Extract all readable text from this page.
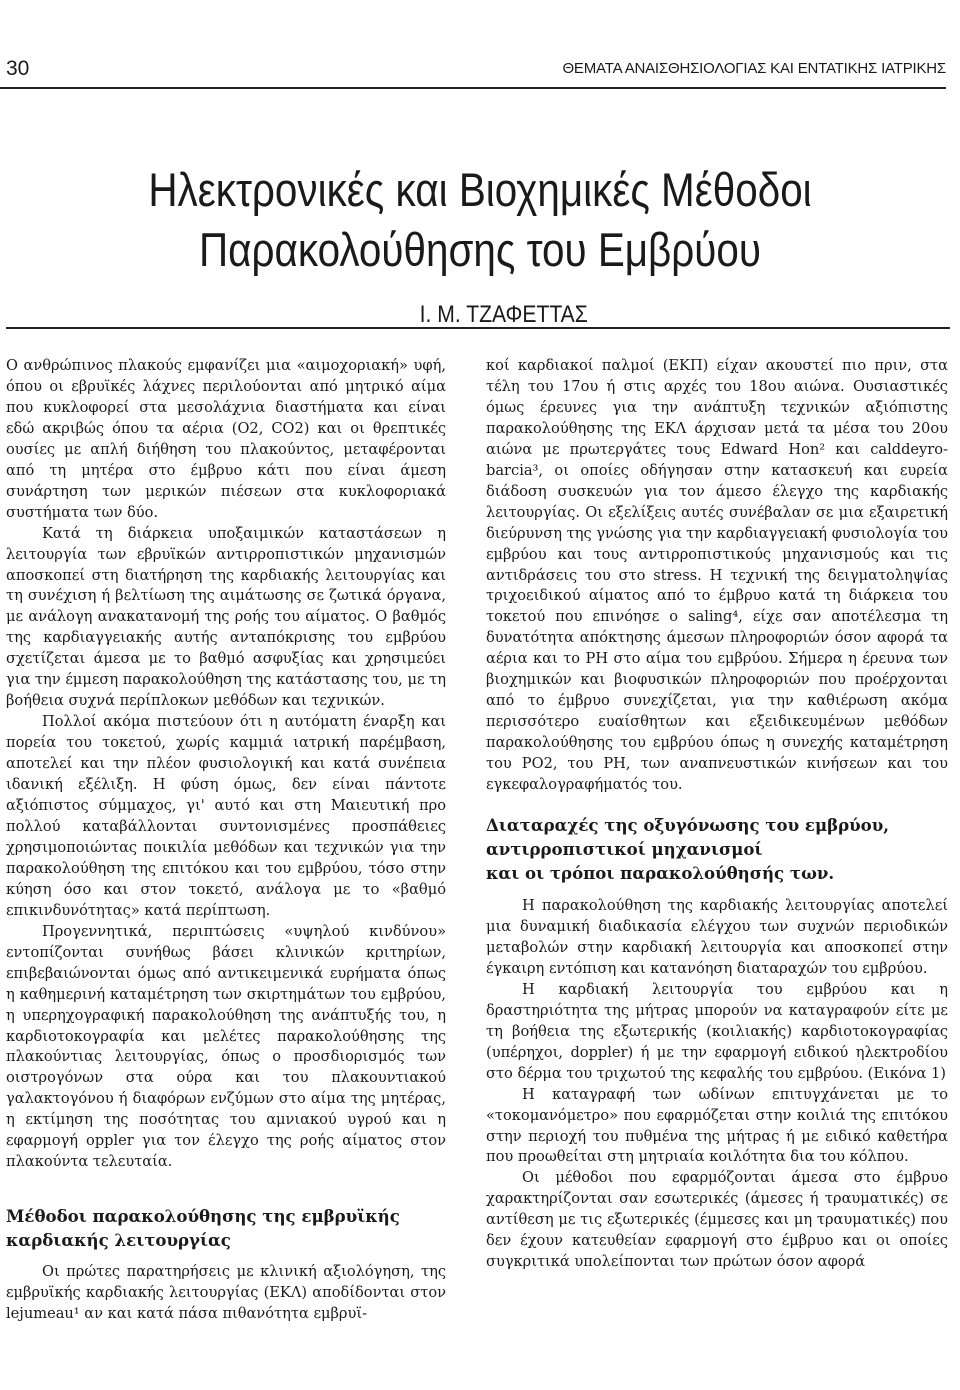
30	ΘΕΜΑΤΑ ΑΝΑΙΣΘΗΣΙΟΛΟΓΙΑΣ ΚΑΙ ΕΝΤΑΤΙΚΗΣ ΙΑΤΡΙΚΗΣ
Ηλεκτρονικές και Βιοχημικές Μέθοδοι
Παρακολούθησης του Εμβρύου
Ι. Μ. ΤΖΑΦΕΤΤΑΣ

Ο ανθρώπινος πλακούς εμφανίζει μια «αιμοχοριακή» υφή, όπου οι εβρυϊκές λάχνες περιλούονται από μητρικό αίμα που κυκλοφορεί στα μεσολάχνια διαστήματα και είναι εδώ ακριβώς όπου τα αέρια (O2, CO2) και οι θρεπτικές ουσίες με απλή διήθηση του πλακούντος, μεταφέρονται από τη μητέρα στο έμβρυο κάτι που είναι άμεση συνάρτηση των μερικών πιέσεων στα κυκλοφοριακά συστήματα των δύο.

Κατά τη διάρκεια υποξαιμικών καταστάσεων η λειτουργία των εβρυϊκών αντιρροπιστικών μηχανισμών αποσκοπεί στη διατήρηση της καρδιακής λειτουργίας και τη συνέχιση ή βελτίωση της αιμάτωσης σε ζωτικά όργανα, με ανάλογη ανακατανομή της ροής του αίματος. Ο βαθμός της καρδιαγγειακής αυτής ανταπόκρισης του εμβρύου σχετίζεται άμεσα με το βαθμό ασφυξίας και χρησιμεύει για την έμμεση παρακολούθηση της κατάστασης του, με τη βοήθεια συχνά περίπλοκων μεθόδων και τεχνικών.

Πολλοί ακόμα πιστεύουν ότι η αυτόματη έναρξη και πορεία του τοκετού, χωρίς καμμιά ιατρική παρέμβαση, αποτελεί και την πλέον φυσιολογική και κατά συνέπεια ιδανική εξέλιξη. Η φύση όμως, δεν είναι πάντοτε αξιόπιστος σύμμαχος, γι' αυτό και στη Μαιευτική προ πολλού καταβάλλονται συντονισμένες προσπάθειες χρησιμοποιώντας ποικιλία μεθόδων και τεχνικών για την παρακολούθηση της επιτόκου και του εμβρύου, τόσο στην κύηση όσο και στον τοκετό, ανάλογα με το «βαθμό επικινδυνότητας» κατά περίπτωση.

Προγεννητικά, περιπτώσεις «υψηλού κινδύνου» εντοπίζονται συνήθως βάσει κλινικών κριτηρίων, επιβεβαιώνονται όμως από αντικειμενικά ευρήματα όπως η καθημερινή καταμέτρηση των σκιρτημάτων του εμβρύου, η υπερηχογραφική παρακολούθηση της ανάπτυξής του, η καρδιοτοκογραφία και μελέτες παρακολούθησης της πλακούντιας λειτουργίας, όπως ο προσδιορισμός των οιστρογόνων στα ούρα και του πλακουντιακού γαλακτογόνου ή διαφόρων ενζύμων στο αίμα της μητέρας, η εκτίμηση της ποσότητας του αμνιακού υγρού και η εφαρμογή oppler για τον έλεγχο της ροής αίματος στον πλακούντα τελευταία.

Μέθοδοι παρακολούθησης της εμβρυϊκής καρδιακής λειτουργίας

Οι πρώτες παρατηρήσεις με κλινική αξιολόγηση, της εμβρυϊκής καρδιακής λειτουργίας (ΕΚΛ) αποδίδονται στον lejumeau¹ αν και κατά πάσα πιθανότητα εμβρυϊ-

κοί καρδιακοί παλμοί (ΕΚΠ) είχαν ακουστεί πιο πριν, στα τέλη του 17ου ή στις αρχές του 18ου αιώνα. Ουσιαστικές όμως έρευνες για την ανάπτυξη τεχνικών αξιόπιστης παρακολούθησης της ΕΚΛ άρχισαν μετά τα μέσα του 20ου αιώνα με πρωτεργάτες τους Edward Hon² και calddeyro-barcia³, οι οποίες οδήγησαν στην κατασκευή και ευρεία διάδοση συσκευών για τον άμεσο έλεγχο της καρδιακής λειτουργίας. Οι εξελίξεις αυτές συνέβαλαν σε μια εξαιρετική διεύρυνση της γνώσης για την καρδιαγγειακή φυσιολογία του εμβρύου και τους αντιρροπιστικούς μηχανισμούς και τις αντιδράσεις του στο stress. Η τεχνική της δειγματοληψίας τριχοειδικού αίματος από το έμβρυο κατά τη διάρκεια του τοκετού που επινόησε ο saling⁴, είχε σαν αποτέλεσμα τη δυνατότητα απόκτησης άμεσων πληροφοριών όσον αφορά τα αέρια και το PH στο αίμα του εμβρύου. Σήμερα η έρευνα των βιοχημικών και βιοφυσικών πληροφοριών που προέρχονται από το έμβρυο συνεχίζεται, για την καθιέρωση ακόμα περισσότερο ευαίσθητων και εξειδικευμένων μεθόδων παρακολούθησης του εμβρύου όπως η συνεχής καταμέτρηση του PO2, του PH, των αναπνευστικών κινήσεων και του εγκεφαλογραφήματός του.

Διαταραχές της οξυγόνωσης του εμβρύου,
αντιρροπιστικοί μηχανισμοί
και οι τρόποι παρακολούθησής των.

Η παρακολούθηση της καρδιακής λειτουργίας αποτελεί μια δυναμική διαδικασία ελέγχου των συχνών περιοδικών μεταβολών στην καρδιακή λειτουργία και αποσκοπεί στην έγκαιρη εντόπιση και κατανόηση διαταραχών του εμβρύου.

Η καρδιακή λειτουργία του εμβρύου και η δραστηριότητα της μήτρας μπορούν να καταγραφούν είτε με τη βοήθεια της εξωτερικής (κοιλιακής) καρδιοτοκογραφίας (υπέρηχοι, doppler) ή με την εφαρμογή ειδικού ηλεκτροδίου στο δέρμα του τριχωτού της κεφαλής του εμβρύου. (Εικόνα 1)

Η καταγραφή των ωδίνων επιτυγχάνεται με το «τοκομανόμετρο» που εφαρμόζεται στην κοιλιά της επιτόκου στην περιοχή του πυθμένα της μήτρας ή με ειδικό καθετήρα που προωθείται στη μητριαία κοιλότητα δια του κόλπου.

Οι μέθοδοι που εφαρμόζονται άμεσα στο έμβρυο χαρακτηρίζονται σαν εσωτερικές (άμεσες ή τραυματικές) σε αντίθεση με τις εξωτερικές (έμμεσες και μη τραυματικές) που δεν έχουν κατευθείαν εφαρμογή στο έμβρυο και οι οποίες συγκριτικά υπολείπονται των πρώτων όσον αφορά
